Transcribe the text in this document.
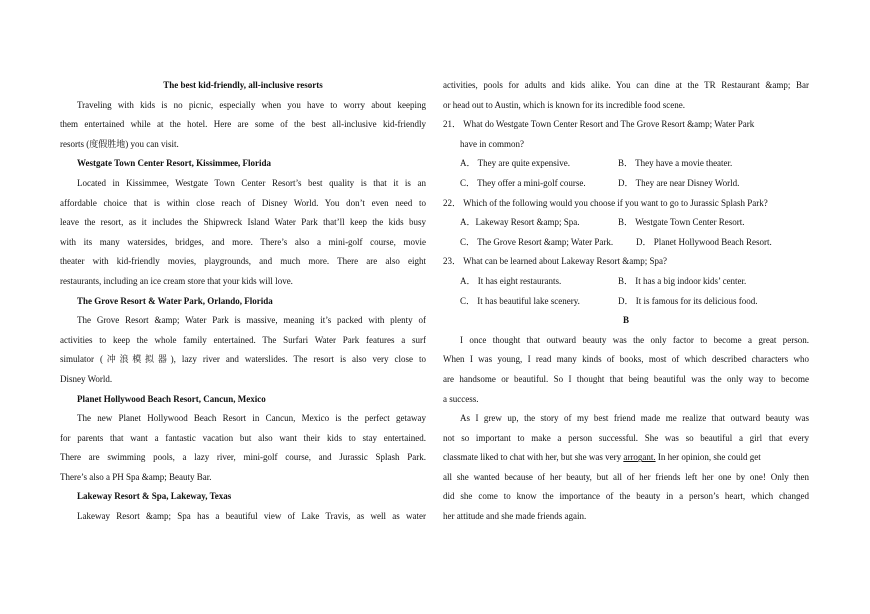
The best kid-friendly, all-inclusive resorts
Traveling with kids is no picnic, especially when you have to worry about keeping
them entertained while at the hotel. Here are some of the best all-inclusive kid-friendly
resorts (度假胜地) you can visit.
Westgate Town Center Resort, Kissimmee, Florida
Located in Kissimmee, Westgate Town Center Resort’s best quality is that it is an
affordable choice that is within close reach of Disney World. You don’t even need to
leave the resort, as it includes the Shipwreck Island Water Park that’ll keep the kids busy
with its many watersides, bridges, and more. There’s also a mini-golf course, movie
theater with kid-friendly movies, playgrounds, and much more. There are also eight
restaurants, including an ice cream store that your kids will love.
The Grove Resort & Water Park, Orlando, Florida
The Grove Resort &amp; Water Park is massive, meaning it’s packed with plenty of
activities to keep the whole family entertained. The Surfari Water Park features a surf
simulator (冲浪模拟器), lazy river and waterslides. The resort is also very close to
Disney World.
Planet Hollywood Beach Resort, Cancun, Mexico
The new Planet Hollywood Beach Resort in Cancun, Mexico is the perfect getaway
for parents that want a fantastic vacation but also want their kids to stay entertained.
There are swimming pools, a lazy river, mini-golf course, and Jurassic Splash Park.
There’s also a PH Spa &amp; Beauty Bar.
Lakeway Resort & Spa, Lakeway, Texas
Lakeway Resort &amp; Spa has a beautiful view of Lake Travis, as well as water
activities, pools for adults and kids alike. You can dine at the TR Restaurant &amp; Bar
or head out to Austin, which is known for its incredible food scene.
21． What do Westgate Town Center Resort and The Grove Resort &amp; Water Park
have in common?
A． They are quite expensive.	B． They have a movie theater.
C． They offer a mini-golf course.	D． They are near Disney World.
22． Which of the following would you choose if you want to go to Jurassic Splash Park?
A．Lakeway Resort &amp; Spa.	B． Westgate Town Center Resort.
C． The Grove Resort &amp; Water Park.	D． Planet Hollywood Beach Resort.
23． What can be learned about Lakeway Resort &amp; Spa?
A． It has eight restaurants.	B． It has a big indoor kids’ center.
C． It has beautiful lake scenery.	D． It is famous for its delicious food.
B
I once thought that outward beauty was the only factor to become a great person.
When I was young, I read many kinds of books, most of which described characters who
are handsome or beautiful. So I thought that being beautiful was the only way to become
a success.
As I grew up, the story of my best friend made me realize that outward beauty was
not so important to make a person successful. She was so beautiful a girl that every
classmate liked to chat with her, but she was very arrogant. In her opinion, she could get
all she wanted because of her beauty, but all of her friends left her one by one! Only then
did she come to know the importance of the beauty in a person’s heart, which changed
her attitude and she made friends again.
